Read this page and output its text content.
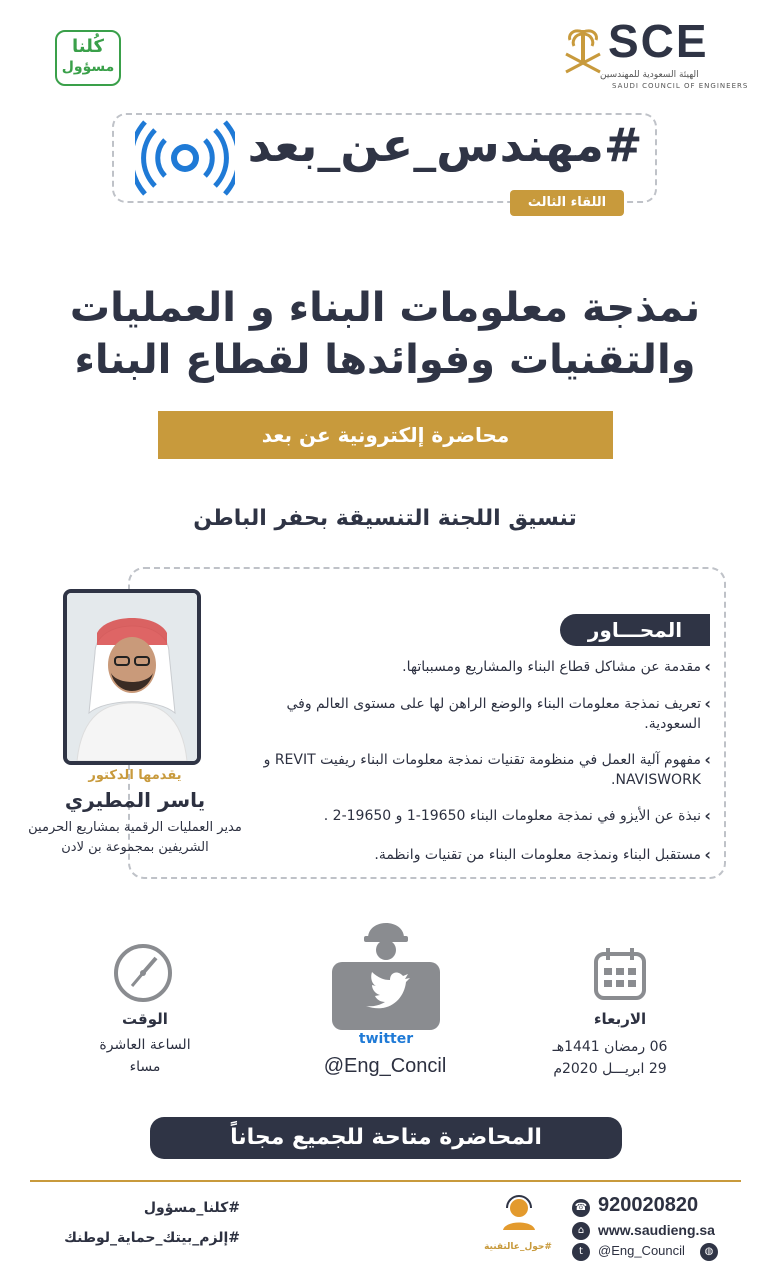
كُلنا
مسؤول	SCE
الهيئة السعودية للمهندسين
SAUDI COUNCIL OF ENGINEERS
#مهندس_عن_بعد
اللقاء الثالث
نمذجة معلومات البناء و العمليات
والتقنيات وفوائدها لقطاع البناء
محاضرة إلكترونية عن بعد
تنسيق اللجنة التنسيقة بحفر الباطن
المحـــاور
‹
مقدمة عن مشاكل قطاع البناء والمشاريع ومسبباتها.
‹
تعريف نمذجة معلومات البناء والوضع الراهن لها على مستوى العالم وفي السعودية.
‹
مفهوم آلية العمل في منظومة تقنيات نمذجة معلومات البناء ريفيت REVIT و NAVISWORK.
‹
نبذة عن الأيزو في نمذجة معلومات البناء 19650-1 و 19650-2 .
‹
مستقبل البناء ونمذجة معلومات البناء من تقنيات وانظمة.
يقدمها الدكتور
ياسر المطيري
مدير العمليات الرقمية بمشاريع الحرمين الشريفين بمجموعة بن لادن
الوقت
الساعة العاشرة
مساء
twitter
@Eng_Concil
الاربعاء
06 رمضان 1441هـ
29 ابريـــل 2020م
المحاضرة متاحة للجميع مجاناً
#كلنا_مسؤول
#إلزم_بيتك_حماية_لوطنك
#حول_عالتقنية
☎ 920020820
⌂ www.saudieng.sa
t	@Eng_Council	◍
